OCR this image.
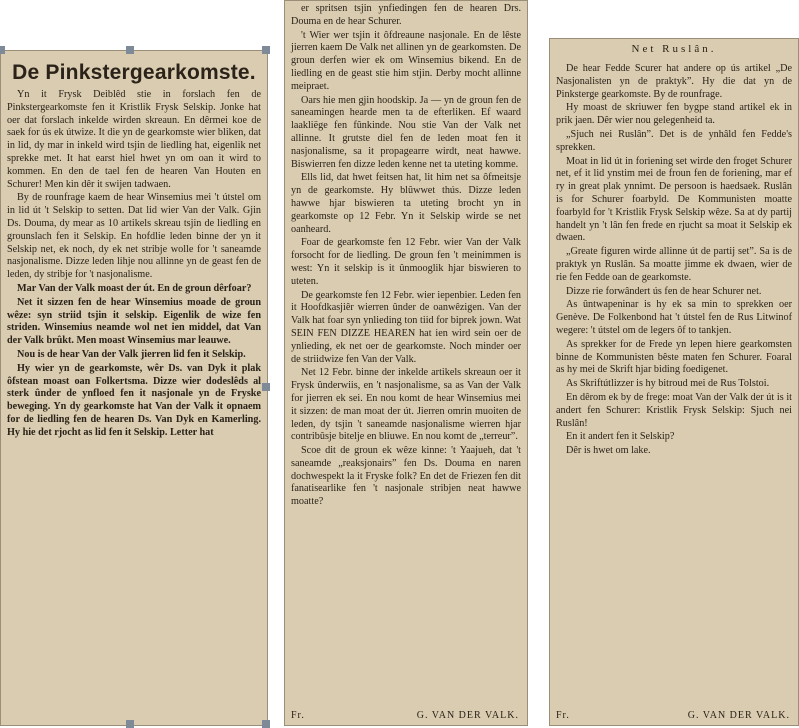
De Pinkstergearkomste.

Yn it Frysk Deiblêd stie in forslach fen de Pinkstergearkomste fen it Kristlik Frysk Selskip. Jonke hat oer dat forslach inkelde wirden skreaun. En dêrmei koe de saek for ús ek útwize. It die yn de gearkomste wier bliken, dat in lid, dy mar in inkeld wird tsjin de liedling hat, eigenlik net sprekke met. It hat earst hiel hwet yn om oan it wird to kommen. En den de tael fen de hearen Van Houten en Schurer! Men kin dêr it swijen tadwaen.

By de rounfrage kaem de hear Winsemius mei 't útstel om in lid út 't Selskip to setten. Dat lid wier Van der Valk. Gjin Ds. Douma, dy mear as 10 artikels skreau tsjin de liedling en grounslach fen it Selskip. En hofdlie leden binne der yn it Selskip net, ek noch, dy ek net stribje wolle for 't saneamde nasjonalisme. Dizze leden lihje nou allinne yn de geast fen de leden, dy stribje for 't nasjonalisme.

Mar Van der Valk moast der út. En de groun dêrfoar?

Net it sizzen fen de hear Winsemius moade de groun wêze: syn striid tsjin it selskip. Eigenlik de wize fen striden. Winsemius neamde wol net ien middel, dat Van der Valk brûkt. Men moast Winsemius mar leauwe.

Nou is de hear Van der Valk jierren lid fen it Selskip.

Hy wier yn de gearkomste, wêr Ds. van Dyk it plak ôfstean moast oan Folkertsma. Dizze wier dodeslêds al sterk ûnder de ynfloed fen it nasjonale yn de Fryske beweging. Yn dy gearkomste hat Van der Valk it opnaem for de liedling fen de hearen Ds. Van Dyk en Kamerling. Hy hie det rjocht as lid fen it Selskip. Letter hat

er spritsen tsjin ynfiedingen fen de hearen Drs. Douma en de hear Schurer.

't Wier wer tsjin it ôfdreaune nasjonale. En de lêste jierren kaem De Valk net allinen yn de gearkomsten. De groun derfen wier ek om Winsemius bikend. En de liedling en de geast stie him stjin. Derby mocht allinne meipraet.

Oars hie men gjin hoodskip. Ja — yn de groun fen de saneamingen hearde men ta de efterliken. Ef waard laakliëge fen fûnkinde. Nou stie Van der Valk net allinne. It grutste diel fen de leden moat fen it nasjonalisme, sa it propagearre wirdt, neat hawwe. Biswierren fen dizze leden kenne net ta uteting komme.

Ells lid, dat hwet feitsen hat, lit him net sa ôfmeitsje yn de gearkomste. Hy blûwwet thús. Dizze leden hawwe hjar biswieren ta uteting brocht yn in gearkomste op 12 Febr. Yn it Selskip wirde se net oanheard.

Foar de gearkomste fen 12 Febr. wier Van der Valk forsocht for de liedling. De groun fen 't meinimmen is west: Yn it selskip is it ûnmooglik hjar biswieren to uteten.

De gearkomste fen 12 Febr. wier iepenbier. Leden fen it Hoofdkasjiêr wierren ûnder de oanwêzigen. Van der Valk hat foar syn ynlieding ton tiid for biprek jown. Wat SEIN FEN DIZZE HEAREN hat ien wird sein oer de ynlieding, ek net oer de gearkomste. Noch minder oer de striidwize fen Van der Valk.

Net 12 Febr. binne der inkelde artikels skreaun oer it Frysk ûnderwiis, en 't nasjonalisme, sa as Van der Valk for jierren ek sei. En nou komt de hear Winsemius mei it sizzen: de man moat der út. Jierren omrin muoiten de leden, dy tsjin 't saneamde nasjonalisme wierren hjar contribûsje bitelje en bliuwe. En nou komt de „terreur”.

Scoe dit de groun ek wêze kinne: 't Yaajueh, dat 't saneamde „reaksjonairs” fen Ds. Douma en naren dochwespekt la it Fryske folk? En det de Friezen fen dit fanatisearlike fen 't nasjonale stribjen neat hawwe moatte?

Fr.	G. VAN DER VALK.
Net Ruslân.

De hear Fedde Scurer hat andere op ús artikel „De Nasjonalisten yn de praktyk”. Hy die dat yn de Pinksterge gearkomste. By de rounfrage.

Hy moast de skriuwer fen bygpe stand artikel ek in prik jaen. Dêr wier nou gelegenheid ta.

„Sjuch nei Ruslân”. Det is de ynhâld fen Fedde's sprekken.

Moat in lid út in foriening set wirde den froget Schurer net, ef it lid ynstim mei de froun fen de foriening, mar ef ry in great plak ynnimt. De persoon is haedsaek. Ruslân is for Schurer foarbyld. De Kommunisten moatte foarbyld for 't Kristlik Frysk Selskip wêze. Sa at dy partij handelt yn 't lân fen frede en rjucht sa moat it Selskip ek dwaen.

„Greate figuren wirde allinne út de partij set”. Sa is de praktyk yn Ruslân. Sa moatte jimme ek dwaen, wier de rie fen Fedde oan de gearkomste.

Dizze rie forwândert ús fen de hear Schurer net.

As ûntwapeninar is hy ek sa min to sprekken oer Genève. De Folkenbond hat 't útstel fen de Rus Litwinof wegere: 't útstel om de legers ôf to tankjen.

As sprekker for de Frede yn lepen hiere gearkomsten binne de Kommunisten bêste maten fen Schurer. Foaral as hy mei de Skrift hjar biding foedigenet.

As Skriftútlizzer is hy bitroud mei de Rus Tolstoi.

En dêrom ek by de frege: moat Van der Valk der út is it andert fen Schurer: Kristlik Frysk Selskip: Sjuch nei Ruslân!

En it andert fen it Selskip?

Dêr is hwet om lake.

Fr.	G. VAN DER VALK.
